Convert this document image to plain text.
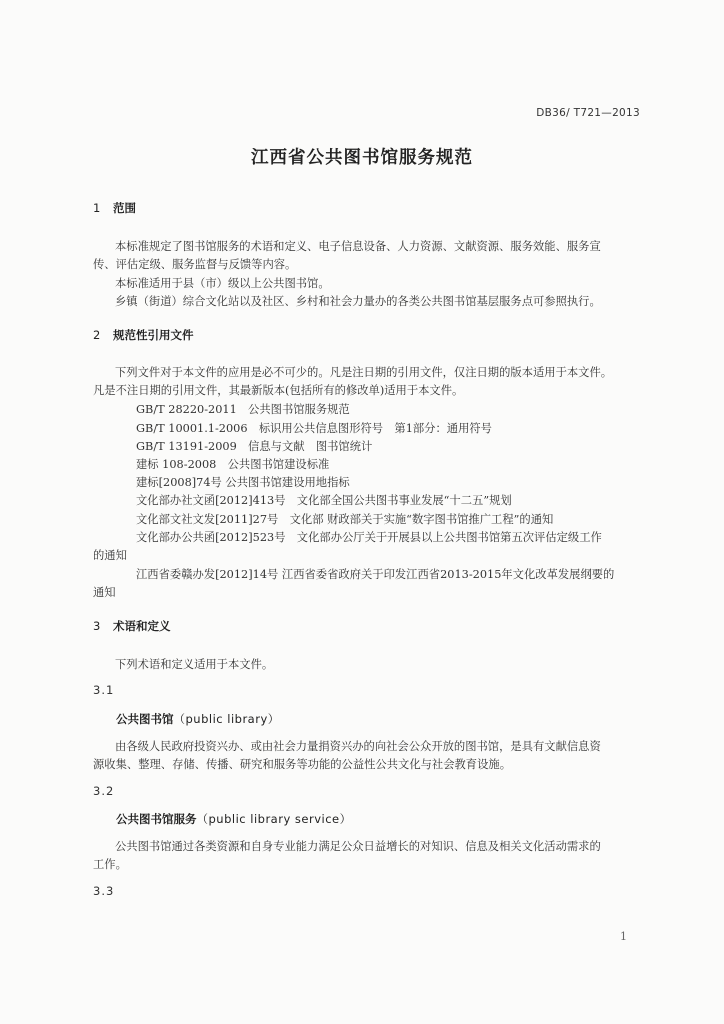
DB36/ T721—2013
江西省公共图书馆服务规范
1 范围
本标准规定了图书馆服务的术语和定义、电子信息设备、人力资源、文献资源、服务效能、服务宣
传、评估定级、服务监督与反馈等内容。
本标准适用于县（市）级以上公共图书馆。
乡镇（街道）综合文化站以及社区、乡村和社会力量办的各类公共图书馆基层服务点可参照执行。
2 规范性引用文件
下列文件对于本文件的应用是必不可少的。凡是注日期的引用文件，仅注日期的版本适用于本文件。
凡是不注日期的引用文件，其最新版本(包括所有的修改单)适用于本文件。
GB/T 28220-2011　公共图书馆服务规范
GB/T 10001.1-2006　标识用公共信息图形符号　第1部分：通用符号
GB/T 13191-2009　信息与文献　图书馆统计
建标 108-2008　公共图书馆建设标准
建标[2008]74号 公共图书馆建设用地指标
文化部办社文函[2012]413号　文化部全国公共图书事业发展“十二五”规划
文化部文社文发[2011]27号　文化部 财政部关于实施“数字图书馆推广工程”的通知
文化部办公共函[2012]523号　文化部办公厅关于开展县以上公共图书馆第五次评估定级工作
的通知
江西省委赣办发[2012]14号 江西省委省政府关于印发江西省2013-2015年文化改革发展纲要的
通知
3 术语和定义
下列术语和定义适用于本文件。
3.1
公共图书馆（public library）
由各级人民政府投资兴办、或由社会力量捐资兴办的向社会公众开放的图书馆，是具有文献信息资
源收集、整理、存储、传播、研究和服务等功能的公益性公共文化与社会教育设施。
3.2
公共图书馆服务（public library service）
公共图书馆通过各类资源和自身专业能力满足公众日益增长的对知识、信息及相关文化活动需求的
工作。
3.3
1
